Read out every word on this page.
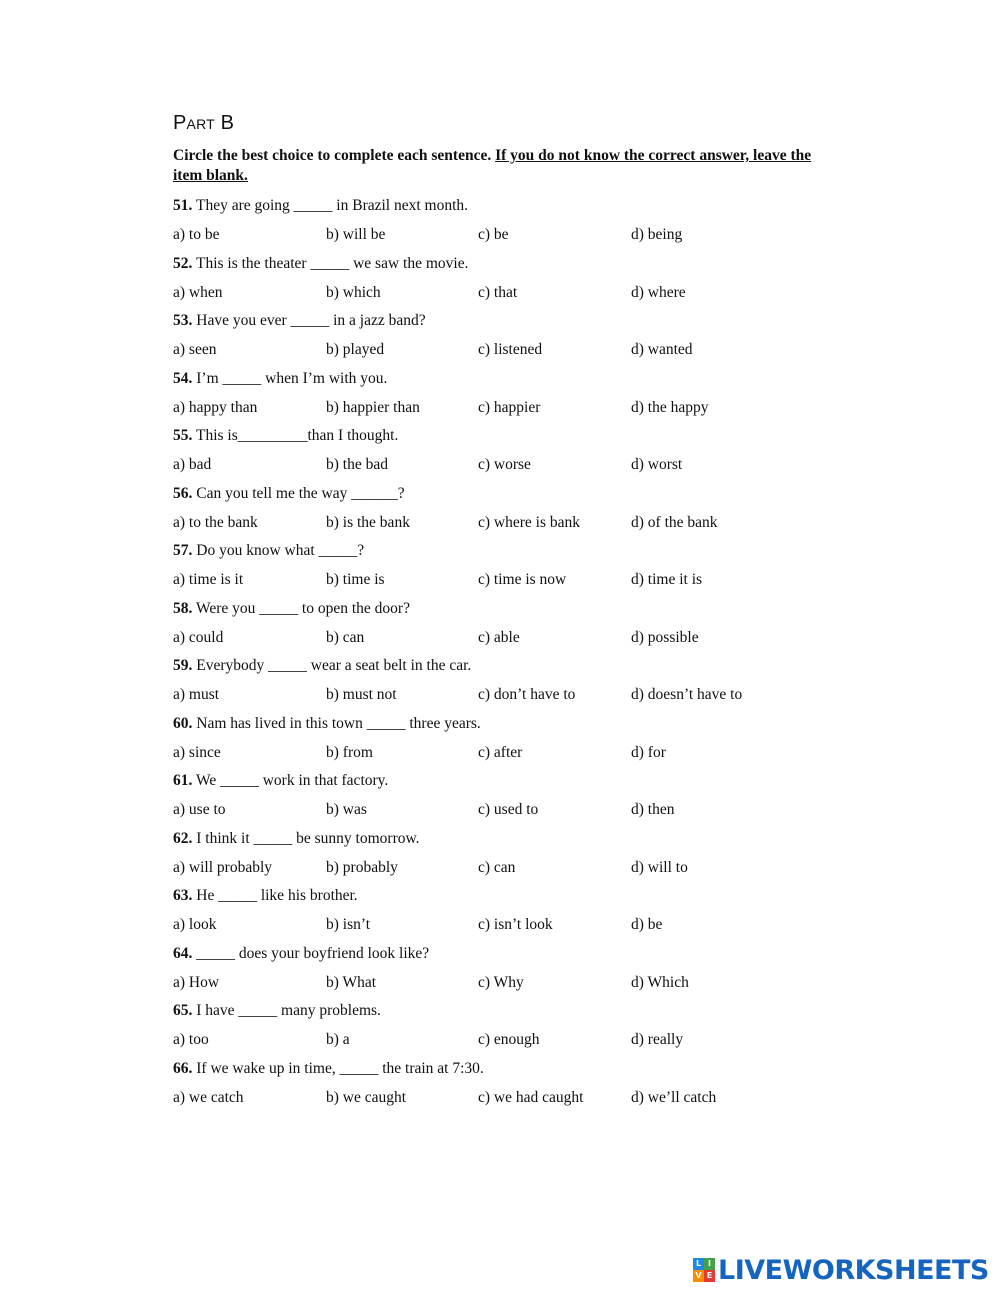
Part B

Circle the best choice to complete each sentence. If you do not know the correct answer, leave the item blank.

51. They are going _____ in Brazil next month.
a) to be	b) will be	c) be	d) being
52. This is the theater _____ we saw the movie.
a) when	b) which	c) that	d) where
53. Have you ever _____ in a jazz band?
a) seen	b) played	c) listened	d) wanted
54. I’m _____ when I’m with you.
a) happy than	b) happier than	c) happier	d) the happy
55. This is_________than I thought.
a) bad	b) the bad	c) worse	d) worst
56. Can you tell me the way ______?
a) to the bank	b) is the bank	c) where is bank	d) of the bank
57. Do you know what _____?
a) time is it	b) time is	c) time is now	d) time it is
58. Were you _____ to open the door?
a) could	b) can	c) able	d) possible
59. Everybody _____ wear a seat belt in the car.
a) must	b) must not	c) don’t have to	d) doesn’t have to
60. Nam has lived in this town _____ three years.
a) since	b) from	c) after	d) for
61. We _____ work in that factory.
a) use to	b) was	c) used to	d) then
62. I think it _____ be sunny tomorrow.
a) will probably	b) probably	c) can	d) will to
63. He _____ like his brother.
a) look	b) isn’t	c) isn’t look	d) be
64. _____ does your boyfriend look like?
a) How	b) What	c) Why	d) Which
65. I have _____ many problems.
a) too	b) a	c) enough	d) really
66. If we wake up in time, _____ the train at 7:30.
a) we catch	b) we caught	c) we had caught	d) we’ll catch
L I
V E LIVEWORKSHEETS
